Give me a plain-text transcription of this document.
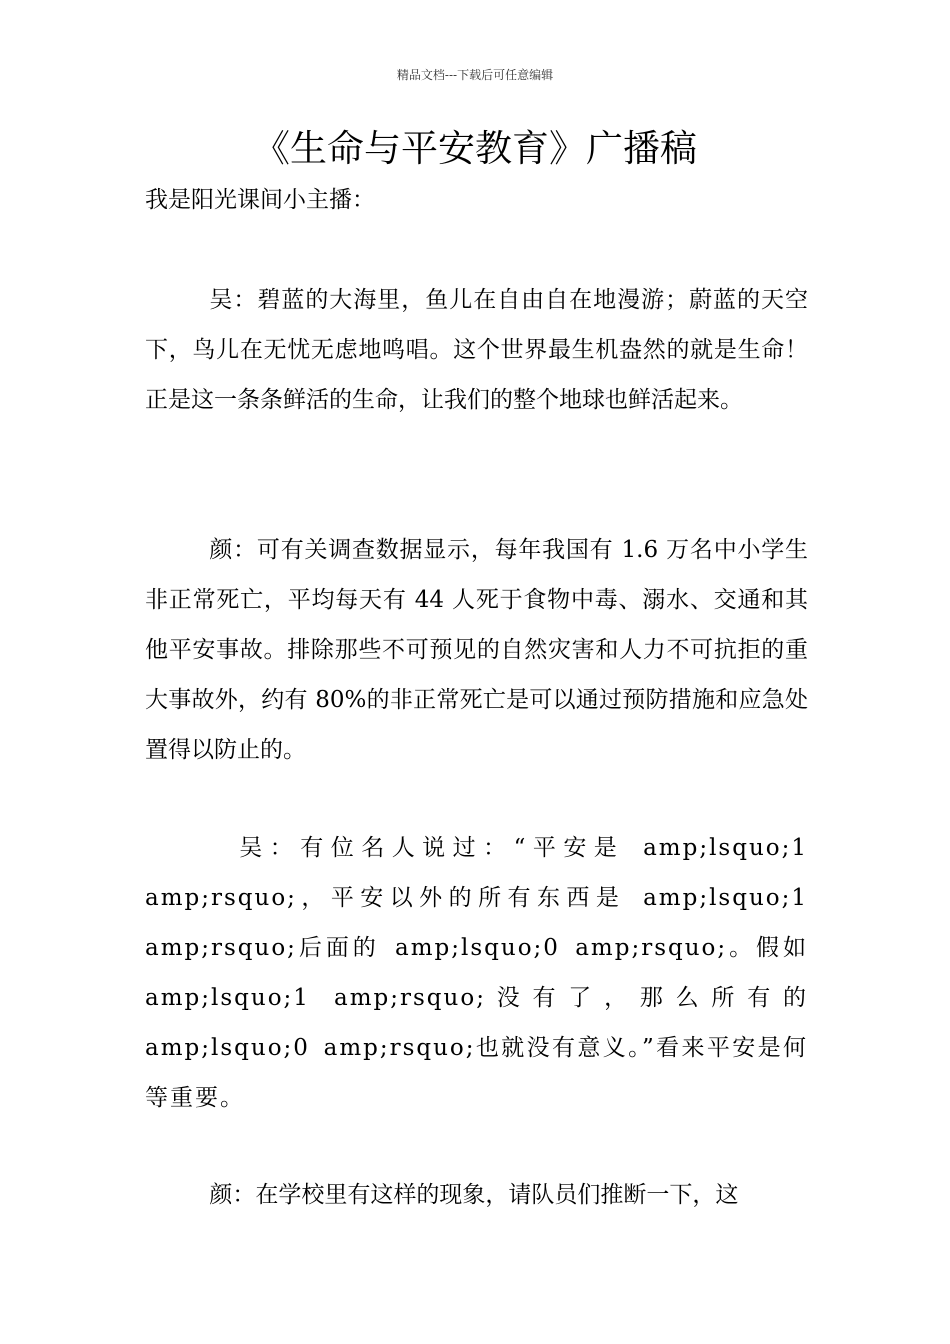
精品文档---下载后可任意编辑
《生命与平安教育》广播稿
我是阳光课间小主播：
吴：碧蓝的大海里，鱼儿在自由自在地漫游；蔚蓝的天空下，鸟儿在无忧无虑地鸣唱。这个世界最生机盎然的就是生命！正是这一条条鲜活的生命，让我们的整个地球也鲜活起来。
颜：可有关调查数据显示，每年我国有 1.6 万名中小学生非正常死亡，平均每天有 44 人死于食物中毒、溺水、交通和其他平安事故。排除那些不可预见的自然灾害和人力不可抗拒的重大事故外，约有 80%的非正常死亡是可以通过预防措施和应急处置得以防止的。
吴：有位名人说过：“平安是 amp;lsquo;1 amp;rsquo;，平安以外的所有东西是 amp;lsquo;1 amp;rsquo;后面的 amp;lsquo;0 amp;rsquo;。假如 amp;lsquo;1 amp;rsquo;没有了，那么所有的 amp;lsquo;0 amp;rsquo;也就没有意义。”看来平安是何等重要。
颜：在学校里有这样的现象，请队员们推断一下，这
